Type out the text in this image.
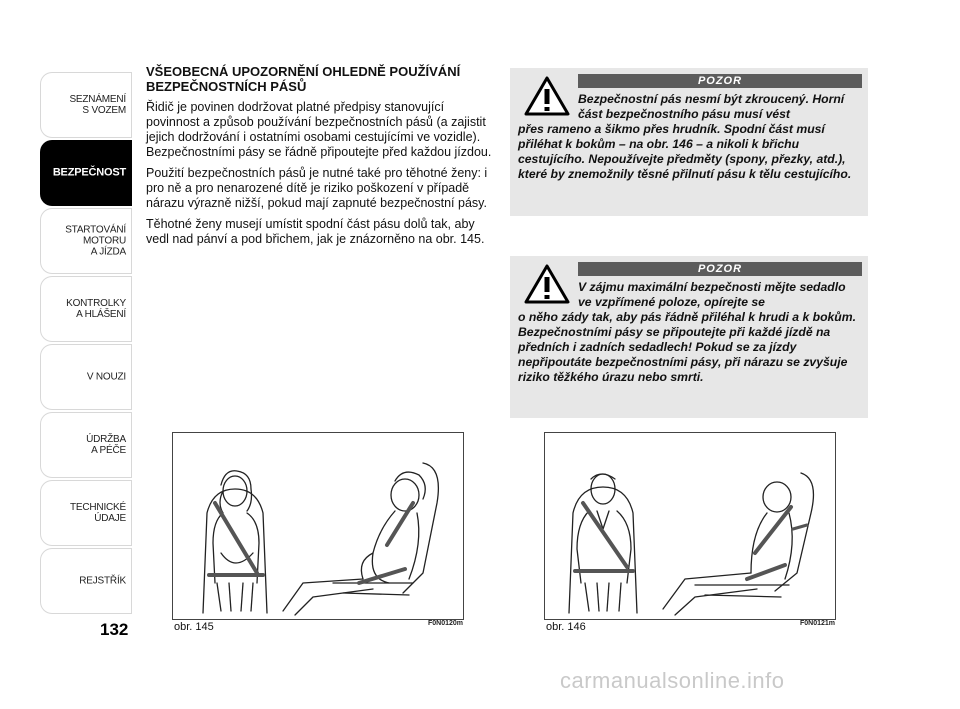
SEZNÁMENÍ
S VOZEM
BEZPEČNOST
STARTOVÁNÍ
MOTORU
A JÍZDA
KONTROLKY
A HLÁŠENÍ
V NOUZI
ÚDRŽBA
A PÉČE
TECHNICKÉ
ÚDAJE
REJSTŘÍK
132
VŠEOBECNÁ UPOZORNĚNÍ OHLEDNĚ POUŽÍVÁNÍ BEZPEČNOSTNÍCH PÁSŮ

Řidič je povinen dodržovat platné předpisy stanovující povinnost a způsob používání bezpečnostních pásů (a zajistit jejich dodržování i ostatními osobami cestujícími ve vozidle). Bezpečnostními pásy se řádně připoutejte před každou jízdou.

Použití bezpečnostních pásů je nutné také pro těhotné ženy: i pro ně a pro nenarozené dítě je riziko poškození v případě nárazu výrazně nižší, pokud mají zapnuté bezpečnostní pásy.

Těhotné ženy musejí umístit spodní část pásu dolů tak, aby vedl nad pánví a pod břichem, jak je znázorněno na obr. 145.

POZOR
Bezpečnostní pás nesmí být zkroucený. Horní část bezpečnostního pásu musí vést
přes rameno a šikmo přes hrudník. Spodní část musí přiléhat k bokům – na obr. 146 – a nikoli k břichu cestujícího. Nepoužívejte předměty (spony, přezky, atd.), které by znemožnily těsné přilnutí pásu k tělu cestujícího.
POZOR
V zájmu maximální bezpečnosti mějte sedadlo ve vzpřímené poloze, opírejte se
o něho zády tak, aby pás řádně přiléhal k hrudi a k bokům. Bezpečnostními pásy se připoutejte při každé jízdě na předních i zadních sedadlech! Pokud se za jízdy nepřipoutáte bezpečnostními pásy, při nárazu se zvyšuje riziko těžkého úrazu nebo smrti.
obr. 145	F0N0120m	obr. 146	F0N0121m
carmanualsonline.info
